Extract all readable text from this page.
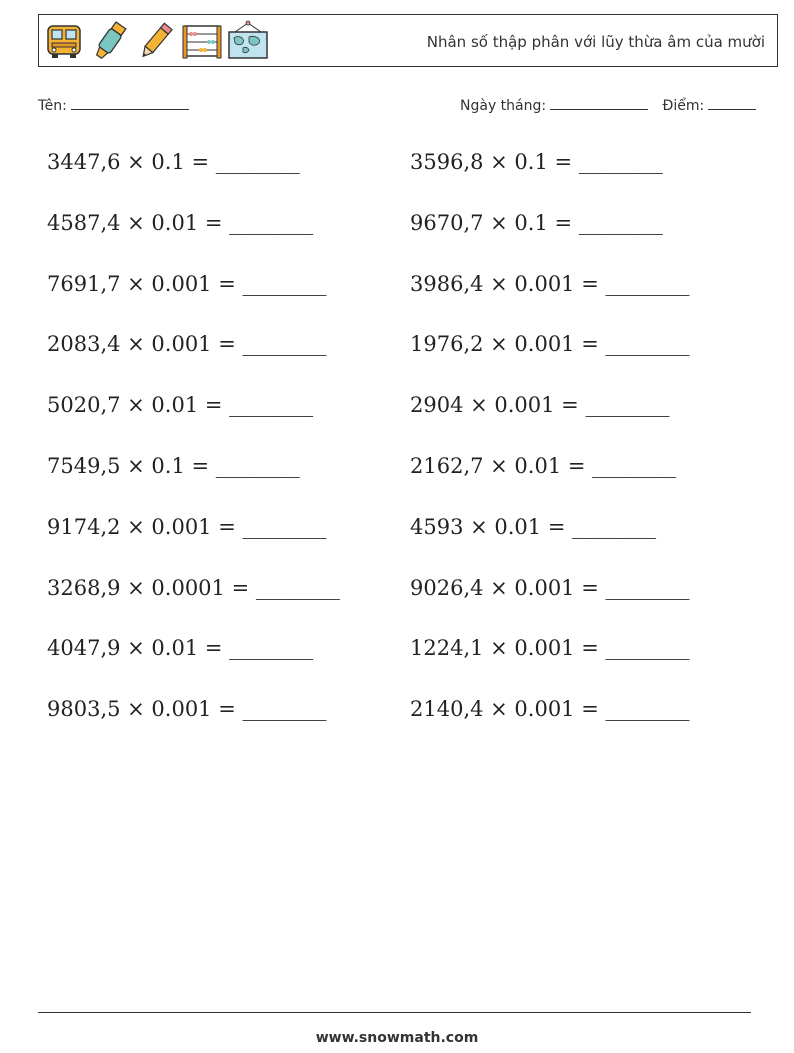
Nhân số thập phân với lũy thừa âm của mười
Tên:	Ngày tháng:	Điểm:
3447,6 × 0.1 = ________	3596,8 × 0.1 = ________
4587,4 × 0.01 = ________	9670,7 × 0.1 = ________
7691,7 × 0.001 = ________	3986,4 × 0.001 = ________
2083,4 × 0.001 = ________	1976,2 × 0.001 = ________
5020,7 × 0.01 = ________	2904 × 0.001 = ________
7549,5 × 0.1 = ________	2162,7 × 0.01 = ________
9174,2 × 0.001 = ________	4593 × 0.01 = ________
3268,9 × 0.0001 = ________	9026,4 × 0.001 = ________
4047,9 × 0.01 = ________	1224,1 × 0.001 = ________
9803,5 × 0.001 = ________	2140,4 × 0.001 = ________
www.snowmath.com
